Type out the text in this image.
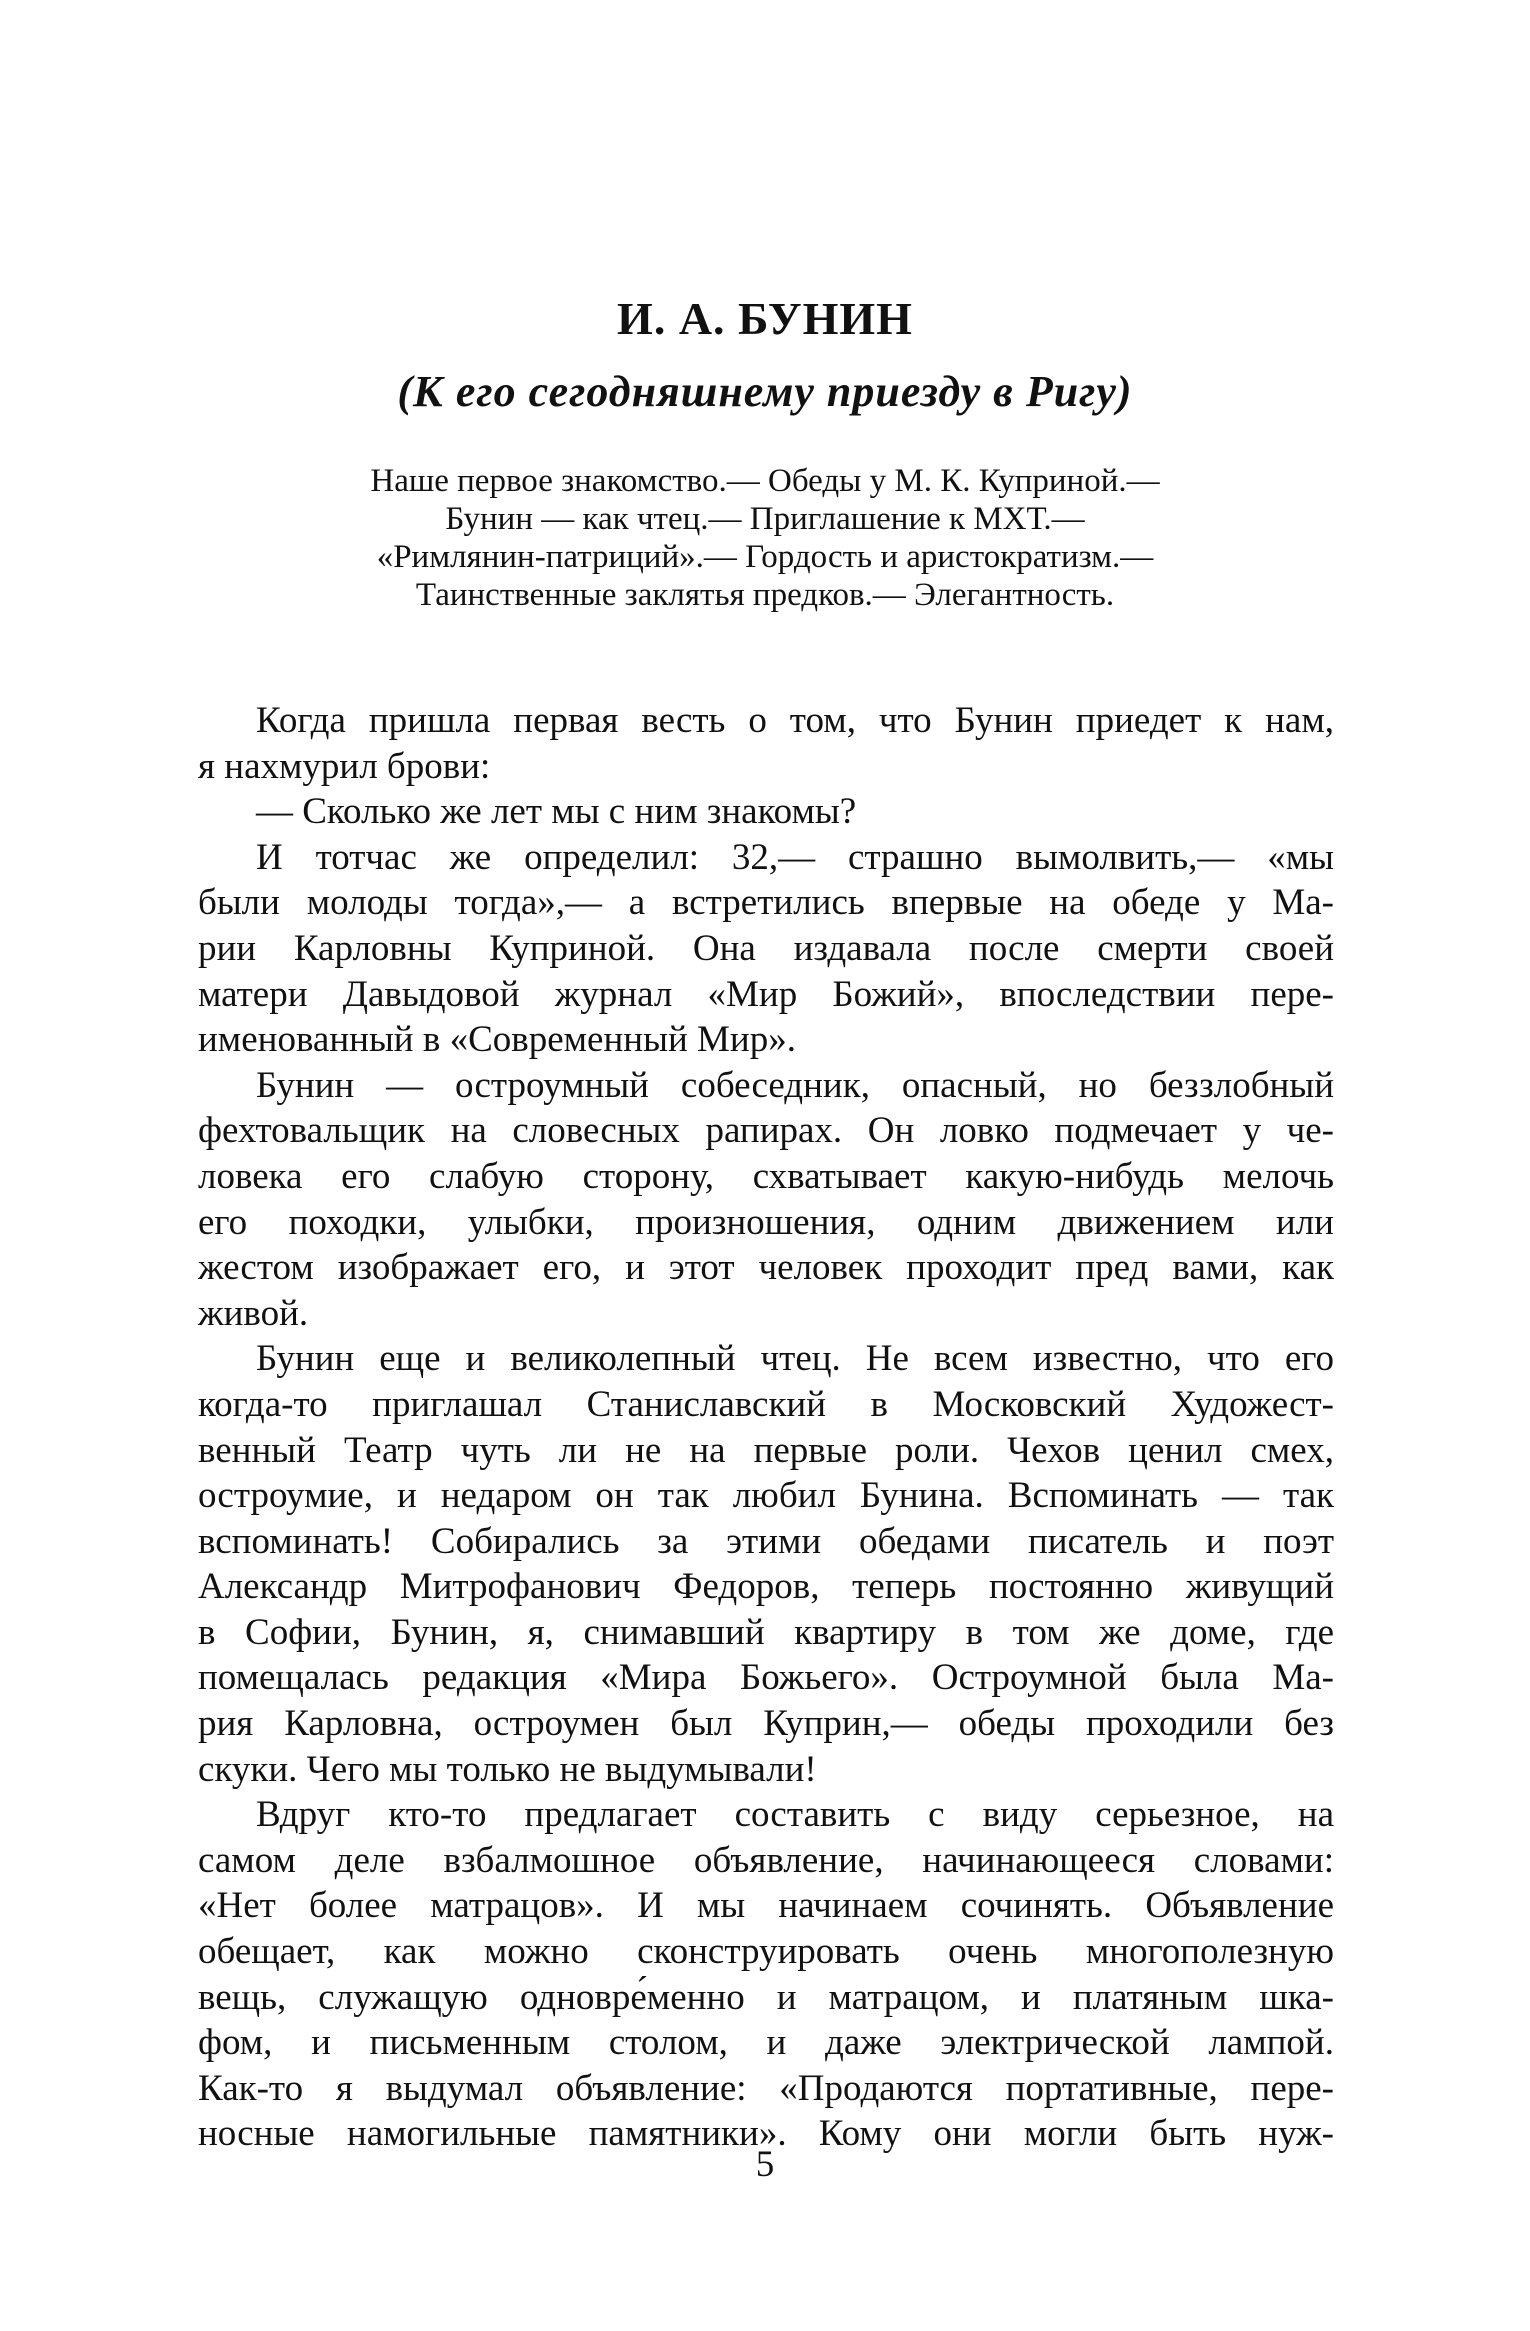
И. А. БУНИН
(К его сегодняшнему приезду в Ригу)
Наше первое знакомство.— Обеды у М. К. Куприной.—
Бунин — как чтец.— Приглашение к МХТ.—
«Римлянин-патриций».— Гордость и аристократизм.—
Таинственные заклятья предков.— Элегантность.

Когда пришла первая весть о том, что Бунин приедет к нам,
я нахмурил брови:

— Сколько же лет мы с ним знакомы?

И тотчас же определил: 32,— страшно вымолвить,— «мы
были молоды тогда»,— а встретились впервые на обеде у Ма-
рии Карловны Куприной. Она издавала после смерти своей
матери Давыдовой журнал «Мир Божий», впоследствии пере-
именованный в «Современный Мир».

Бунин — остроумный собеседник, опасный, но беззлобный
фехтовальщик на словесных рапирах. Он ловко подмечает у че-
ловека его слабую сторону, схватывает какую-нибудь мелочь
его походки, улыбки, произношения, одним движением или
жестом изображает его, и этот человек проходит пред вами, как
живой.

Бунин еще и великолепный чтец. Не всем известно, что его
когда-то приглашал Станиславский в Московский Художест-
венный Театр чуть ли не на первые роли. Чехов ценил смех,
остроумие, и недаром он так любил Бунина. Вспоминать — так
вспоминать! Собирались за этими обедами писатель и поэт
Александр Митрофанович Федоров, теперь постоянно живущий
в Софии, Бунин, я, снимавший квартиру в том же доме, где
помещалась редакция «Мира Божьего». Остроумной была Ма-
рия Карловна, остроумен был Куприн,— обеды проходили без
скуки. Чего мы только не выдумывали!

Вдруг кто-то предлагает составить с виду серьезное, на
самом деле взбалмошное объявление, начинающееся словами:
«Нет более матрацов». И мы начинаем сочинять. Объявление
обещает, как можно сконструировать очень многополезную
вещь, служащую одновре́менно и матрацом, и платяным шка-
фом, и письменным столом, и даже электрической лампой.
Как-то я выдумал объявление: «Продаются портативные, пере-
носные намогильные памятники». Кому они могли быть нуж-

5
